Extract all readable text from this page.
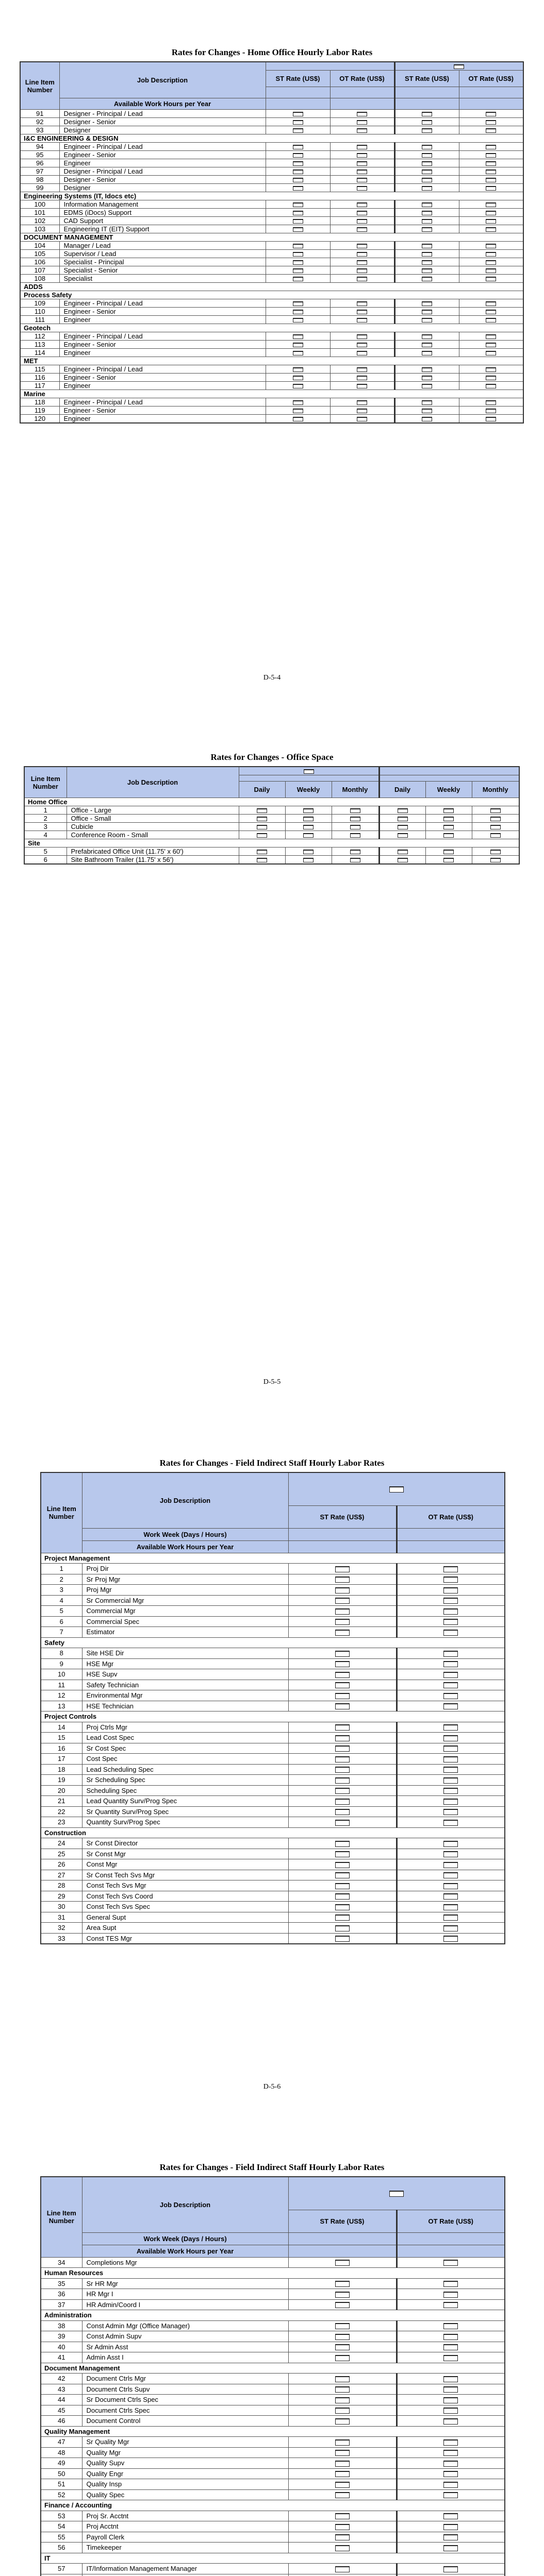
Rates for Changes - Home Office Hourly Labor Rates
Line Item Number	Job Description				
		ST Rate (US$)	OT Rate (US$)	ST Rate (US$)	OT Rate (US$)

	Available Work Hours per Year				
91	Designer - Principal / Lead				
92	Designer - Senior				
93	Designer				
I&C ENGINEERING & DESIGN					
94	Engineer - Principal / Lead				
95	Engineer - Senior				
96	Engineer				
97	Designer - Principal / Lead				
98	Designer - Senior				
99	Designer				
Engineering Systems (IT, Idocs etc)					
100	Information Management				
101	EDMS (iDocs) Support				
102	CAD Support				
103	Engineering IT (EIT) Support				
DOCUMENT MANAGEMENT					
104	Manager / Lead				
105	Supervisor / Lead				
106	Specialist - Principal				
107	Specialist - Senior				
108	Specialist				
ADDS					
Process Safety					
109	Engineer - Principal / Lead				
110	Engineer - Senior				
111	Engineer				
Geotech					
112	Engineer - Principal / Lead				
113	Engineer - Senior				
114	Engineer				
MET					
115	Engineer - Principal / Lead				
116	Engineer - Senior				
117	Engineer				
Marine					
118	Engineer - Principal / Lead				
119	Engineer - Senior				
120	Engineer				
D-5-4
Rates for Changes - Office Space
Line Item Number	Job Description						

		Daily	Weekly	Monthly	Daily	Weekly	Monthly
Home Office							
1	Office - Large						
2	Office - Small						
3	Cubicle						
4	Conference Room - Small						
Site							
5	Prefabricated Office Unit (11.75' x 60')						
6	Site Bathroom Trailer (11.75' x 56')						
D-5-5
Rates for Changes - Field Indirect Staff Hourly Labor Rates
Line Item Number	Job Description		
		ST Rate (US$)	OT Rate (US$)
	Work Week (Days / Hours)		
	Available Work Hours per Year		
Project Management			
1	Proj Dir		
2	Sr Proj Mgr		
3	Proj Mgr		
4	Sr Commercial Mgr		
5	Commercial Mgr		
6	Commercial Spec		
7	Estimator		
Safety			
8	Site HSE Dir		
9	HSE Mgr		
10	HSE Supv		
11	Safety Technician		
12	Environmental Mgr		
13	HSE Technician		
Project Controls			
14	Proj Ctrls Mgr		
15	Lead Cost Spec		
16	Sr Cost Spec		
17	Cost Spec		
18	Lead Scheduling Spec		
19	Sr Scheduling Spec		
20	Scheduling Spec		
21	Lead Quantity Surv/Prog Spec		
22	Sr Quantity Surv/Prog Spec		
23	Quantity Surv/Prog Spec		
Construction			
24	Sr Const Director		
25	Sr Const Mgr		
26	Const Mgr		
27	Sr Const Tech Svs Mgr		
28	Const Tech Svs Mgr		
29	Const Tech Svs Coord		
30	Const Tech Svs Spec		
31	General Supt		
32	Area Supt		
33	Const TES Mgr		
D-5-6
Rates for Changes - Field Indirect Staff Hourly Labor Rates
Line Item Number	Job Description		
		ST Rate (US$)	OT Rate (US$)
	Work Week (Days / Hours)		
	Available Work Hours per Year		
34	Completions Mgr		
Human Resources			
35	Sr HR Mgr		
36	HR Mgr I		
37	HR Admin/Coord I		
Administration			
38	Const Admin Mgr (Office Manager)		
39	Const Admin Supv		
40	Sr Admin Asst		
41	Admin Asst I		
Document Management			
42	Document Ctrls Mgr		
43	Document Ctrls Supv		
44	Sr Document Ctrls Spec		
45	Document Ctrls Spec		
46	Document Control		
Quality Management			
47	Sr Quality Mgr		
48	Quality Mgr		
49	Quality Supv		
50	Quality Engr		
51	Quality Insp		
52	Quality Spec		
Finance / Accounting			
53	Proj Sr. Acctnt		
54	Proj Acctnt		
55	Payroll Clerk		
56	Timekeeper		
IT			
57	IT/Information Management Manager		
